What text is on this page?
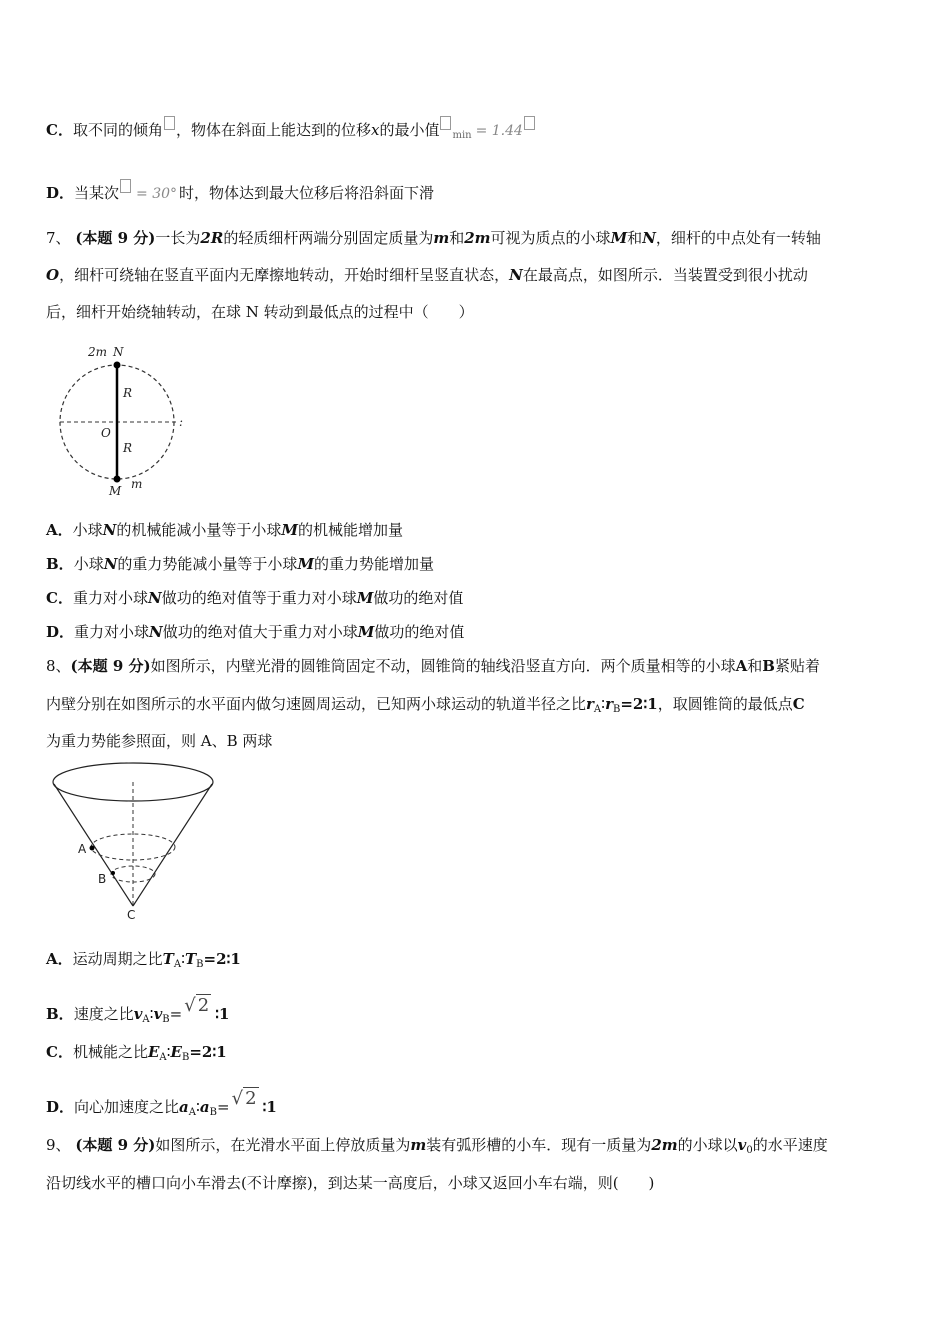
C．取不同的倾角 ，物体在斜面上能达到的位移x的最小值 $_{min}$ = 1.44
D．当某次 = 30° 时，物体达到最大位移后将沿斜面下滑
7、 (本题 9 分)一长为2R的轻质细杆两端分别固定质量为m和2m可视为质点的小球M和N，细杆的中点处有一转轴
O，细杆可绕轴在竖直平面内无摩擦地转动，开始时细杆呈竖直状态，N在最高点，如图所示．当装置受到很小扰动
后，细杆开始绕轴转动，在球 N 转动到最低点的过程中（　　）
2m N
R
O
R
M m
:
A．小球N的机械能减小量等于小球M的机械能增加量
B．小球N的重力势能减小量等于小球M的重力势能增加量
C．重力对小球N做功的绝对值等于重力对小球M做功的绝对值
D．重力对小球N做功的绝对值大于重力对小球M做功的绝对值
8、(本题 9 分)如图所示，内壁光滑的圆锥筒固定不动，圆锥筒的轴线沿竖直方向．两个质量相等的小球A和B紧贴着
内壁分别在如图所示的水平面内做匀速圆周运动，已知两小球运动的轨道半径之比$r_A∶r_B=2∶1$，取圆锥筒的最低点C
为重力势能参照面，则 A、B 两球
A
B
C
A．运动周期之比$T_A∶T_B=2∶1$
B．速度之比$v_A∶v_B=$ √ 2 ∶1
C．机械能之比$E_A∶E_B=2∶1$
D．向心加速度之比$a_A∶a_B=$ √ 2 ∶1
9、 (本题 9 分)如图所示，在光滑水平面上停放质量为m装有弧形槽的小车．现有一质量为2m的小球以$v_0$的水平速度
沿切线水平的槽口向小车滑去(不计摩擦)，到达某一高度后，小球又返回小车右端，则(　　)
